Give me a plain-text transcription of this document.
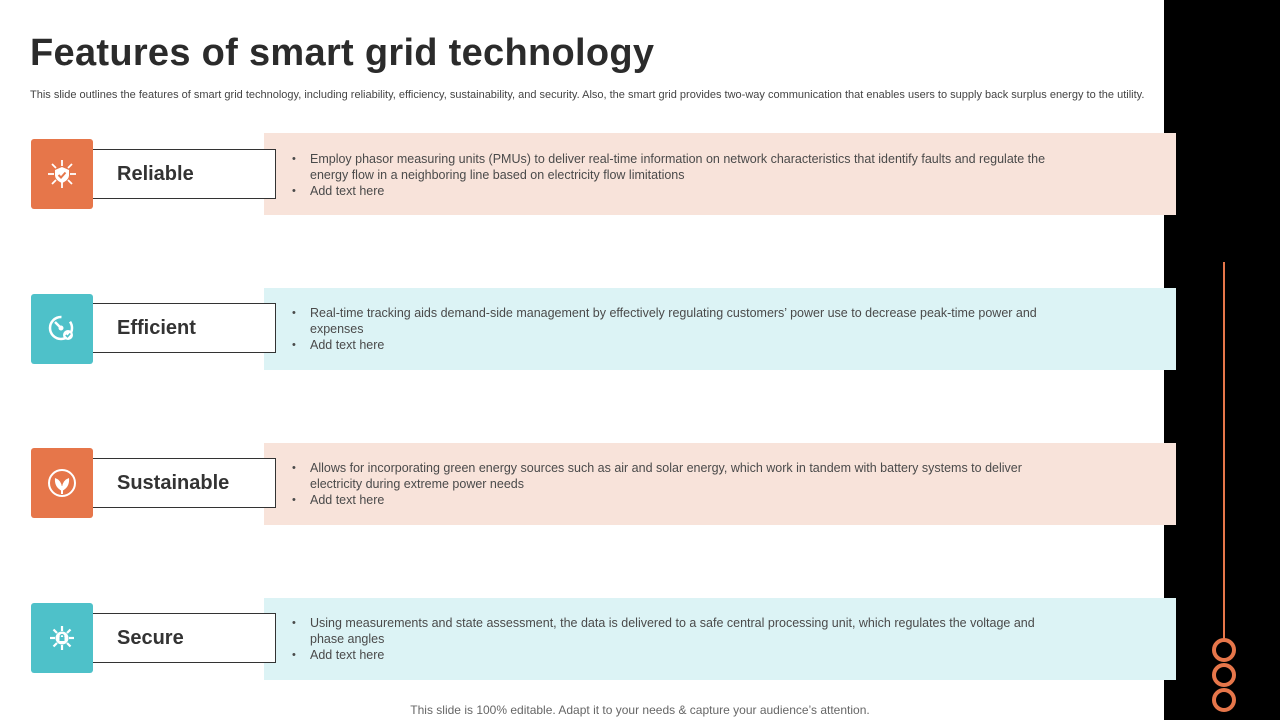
Features of smart grid technology

This slide outlines the features of smart grid technology, including reliability, efficiency, sustainability, and security. Also, the smart grid provides two-way communication that enables users to supply back surplus energy to the utility.

Reliable
• Employ phasor measuring units (PMUs) to deliver real-time information on network characteristics that identify faults and regulate the energy flow in a neighboring line based on electricity flow limitations
• Add text here
Efficient
• Real-time tracking aids demand-side management by effectively regulating customers’ power use to decrease peak-time power and expenses
• Add text here
Sustainable
• Allows for incorporating green energy sources such as air and solar energy, which work in tandem with battery systems to deliver electricity during extreme power needs
• Add text here
Secure
• Using measurements and state assessment, the data is delivered to a safe central processing unit, which regulates the voltage and phase angles
• Add text here
This slide is 100% editable. Adapt it to your needs & capture your audience’s attention.
